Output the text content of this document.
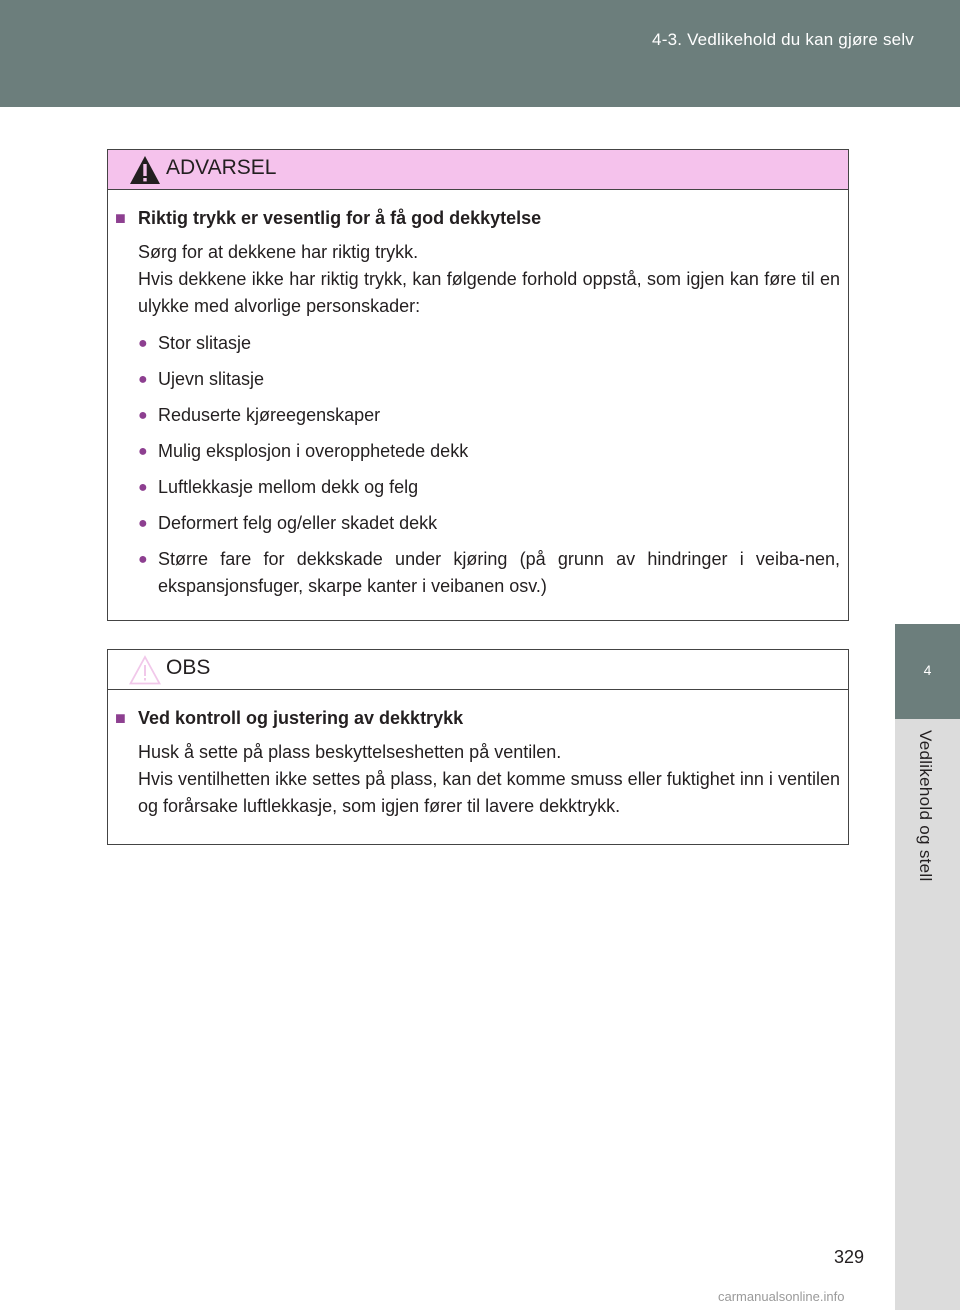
4-3. Vedlikehold du kan gjøre selv
4
Vedlikehold og stell
ADVARSEL
■ Riktig trykk er vesentlig for å få god dekkytelse

Sørg for at dekkene har riktig trykk.

Hvis dekkene ikke har riktig trykk, kan følgende forhold oppstå, som igjen kan føre til en ulykke med alvorlige personskader:

● Stor slitasje
● Ujevn slitasje
● Reduserte kjøreegenskaper
● Mulig eksplosjon i overopphetede dekk
● Luftlekkasje mellom dekk og felg
● Deformert felg og/eller skadet dekk
● Større fare for dekkskade under kjøring (på grunn av hindringer i veiba-nen, ekspansjonsfuger, skarpe kanter i veibanen osv.)
OBS
■ Ved kontroll og justering av dekktrykk

Husk å sette på plass beskyttelseshetten på ventilen.

Hvis ventilhetten ikke settes på plass, kan det komme smuss eller fuktighet inn i ventilen og forårsake luftlekkasje, som igjen fører til lavere dekktrykk.

329
carmanualsonline.info
